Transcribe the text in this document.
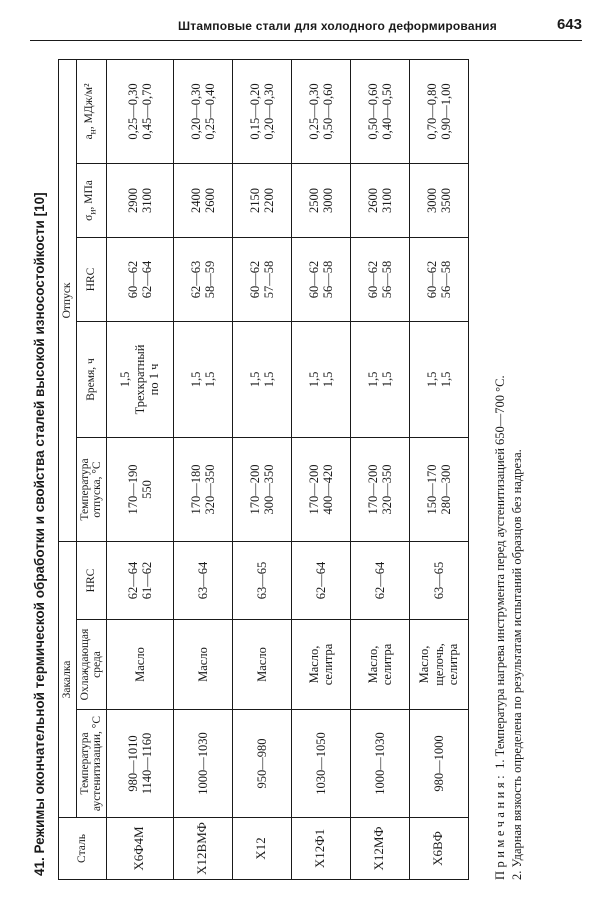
Штамповые стали для холодного деформирования	643
41. Режимы окончательной термической обработки и свойства сталей высокой износостойкости [10]	Сталь	Закалка			Отпуск				
	Температура аустенитизации, °С	Охлаждающая среда	HRC	Температура отпуска, °С	Время, ч	HRC	$\sigma_и$, МПа	$a_н$, МДж/м²
Х6Ф4М	980—1010 1140—1160	Масло	62—64 61—62	170—190 550	1,5 Трехкратный по 1 ч	60—62 62—64	2900 3100	0,25—0,30 0,45—0,70

Х12ВМФ	1000—1030	Масло	63—64	170—180 320—350	1,5 1,5	62—63 58—59	2400 2600	0,20—0,30 0,25—0,40

Х12	950—980	Масло	63—65	170—200 300—350	1,5 1,5	60—62 57—58	2150 2200	0,15—0,20 0,20—0,30

Х12Ф1	1030—1050	Масло, селитра	62—64	170—200 400—420	1,5 1,5	60—62 56—58	2500 3000	0,25—0,30 0,50—0,60

Х12МФ	1000—1030	Масло, селитра	62—64	170—200 320—350	1,5 1,5	60—62 56—58	2600 3100	0,50—0,60 0,40—0,50

Х6ВФ	980—1000	Масло, щелочь, селитра	63—65	150—170 280—300	1,5 1,5	60—62 56—58	3000 3500	0,70—0,80 0,90—1,00
Примечания: 1. Температура нагрева инструмента перед аустенитизацией 650—700 °С. 2. Ударная вязкость определена по результатам испытаний образцов без надреза.
